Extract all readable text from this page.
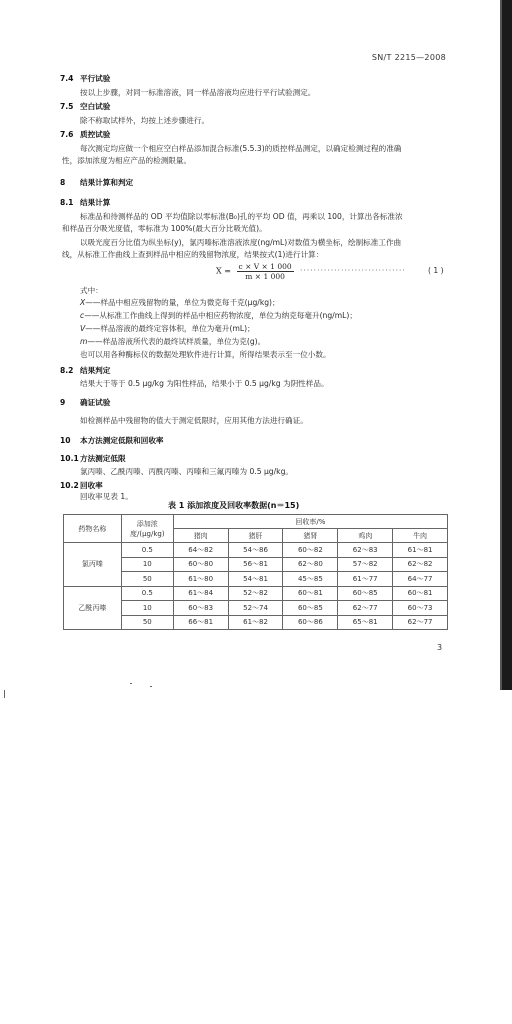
SN/T 2215—2008
7.4 平行试验
按以上步骤，对同一标准溶液，同一样品溶液均应进行平行试验测定。
7.5 空白试验
除不称取试样外，均按上述步骤进行。
7.6 质控试验
每次测定均应做一个相应空白样品添加混合标准(5.5.3)的质控样品测定，以确定检测过程的准确
性，添加浓度为相应产品的检测限量。
8 结果计算和判定
8.1 结果计算
标准品和待测样品的 OD 平均值除以零标准(B₀)孔的平均 OD 值，再乘以 100，计算出各标准浓
和样品百分吸光度值，零标准为 100%(最大百分比吸光值)。
以吸光度百分比值为纵坐标(y)，氯丙嗪标准溶液浓度(ng/mL)对数值为横坐标，绘制标准工作曲
线，从标准工作曲线上查到样品中相应的残留物浓度，结果按式(1)进行计算：
$X = \frac{c \times V \times 1 000}{m \times 1 000}$ ·······························	( 1 )
式中：
X——样品中相应残留物的量，单位为微克每千克(μg/kg)；
c——从标准工作曲线上得到的样品中相应药物浓度，单位为纳克每毫升(ng/mL)；
V——样品溶液的最终定容体积，单位为毫升(mL)；
m——样品溶液所代表的最终试样质量，单位为克(g)。
也可以用各种酶标仪的数据处理软件进行计算，所得结果表示至一位小数。
8.2 结果判定
结果大于等于 0.5 μg/kg 为阳性样品，结果小于 0.5 μg/kg 为阴性样品。
9 确证试验
如检测样品中残留物的值大于测定低限时，应用其他方法进行确证。
10 本方法测定低限和回收率
10.1方法测定低限
氯丙嗪、乙酰丙嗪、丙酰丙嗪、丙嗪和三氟丙嗪为 0.5 μg/kg。
10.2回收率
回收率见表 1。
表 1 添加浓度及回收率数据(n＝15)
药物名称	添加浓度/(μg/kg)	回收率/%				
		猪肉	猪肝	猪肾	鸡肉	牛肉
氯丙嗪	0.5	64～82	54～86	60～82	62～83	61～81
	10	60～80	56～81	62～80	57～82	62～82
	50	61～80	54～81	45～85	61～77	64～77
乙酰丙嗪	0.5	61～84	52～82	60～81	60～85	60～81
	10	60～83	52～74	60～85	62～77	60～73
	50	66～81	61～82	60～86	65～81	62～77
3
